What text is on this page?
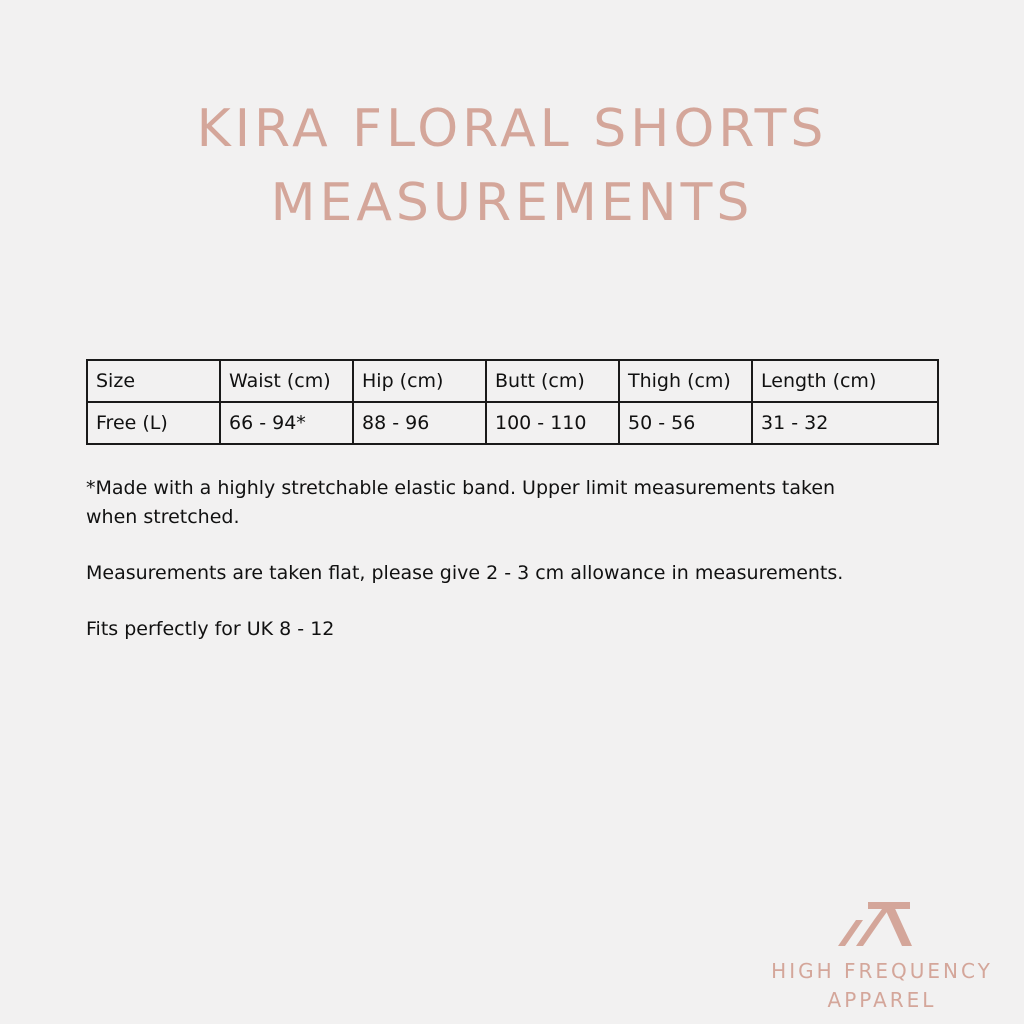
KIRA FLORAL SHORTS
MEASUREMENTS
Size	Waist (cm)	Hip (cm)	Butt (cm)	Thigh (cm)	Length (cm)
Free (L)	66 - 94*	88 - 96	100 - 110	50 - 56	31 - 32

*Made with a highly stretchable elastic band. Upper limit measurements taken when stretched.

Measurements are taken flat, please give 2 - 3 cm allowance in measurements.

Fits perfectly for UK 8 - 12

HIGH FREQUENCY
APPAREL
